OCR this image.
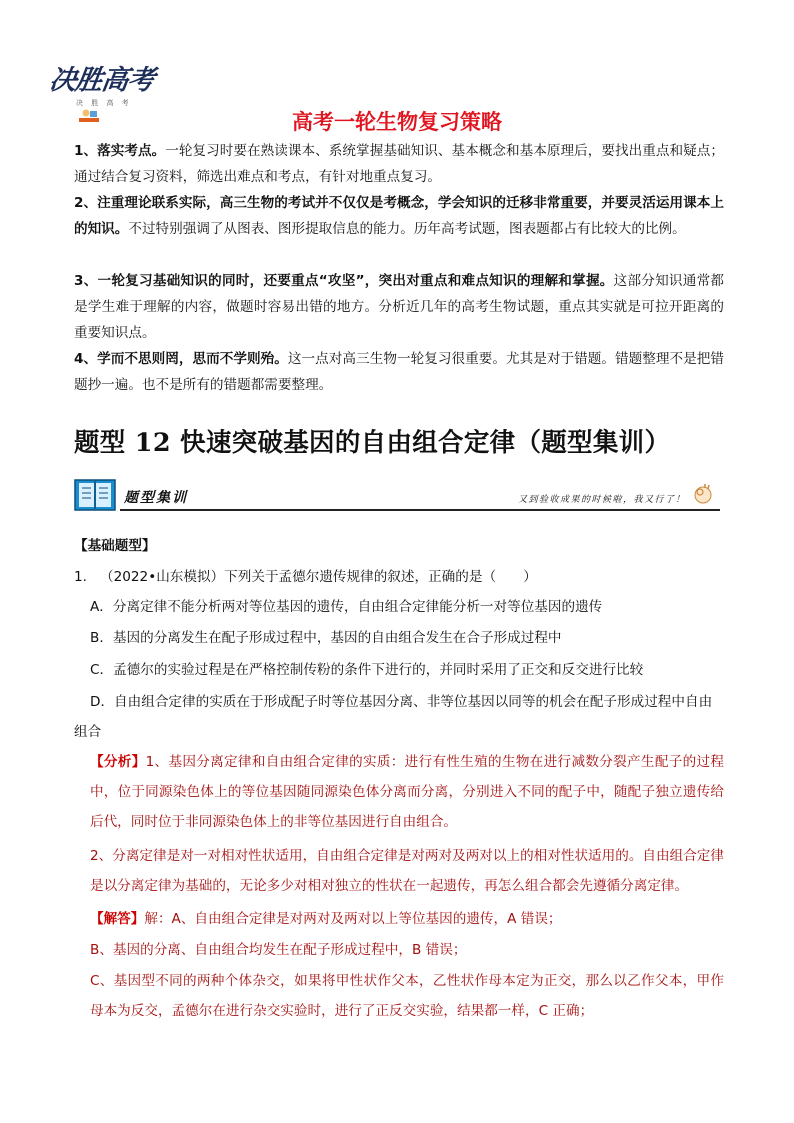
决胜高考
决 胜 高 考
高考一轮生物复习策略
1、落实考点。一轮复习时要在熟读课本、系统掌握基础知识、基本概念和基本原理后，要找出重点和疑点；通过结合复习资料，筛选出难点和考点，有针对地重点复习。
2、注重理论联系实际，高三生物的考试并不仅仅是考概念，学会知识的迁移非常重要，并要灵活运用课本上的知识。不过特别强调了从图表、图形提取信息的能力。历年高考试题，图表题都占有比较大的比例。
3、一轮复习基础知识的同时，还要重点“攻坚”，突出对重点和难点知识的理解和掌握。这部分知识通常都是学生难于理解的内容，做题时容易出错的地方。分析近几年的高考生物试题，重点其实就是可拉开距离的重要知识点。
4、学而不思则罔，思而不学则殆。这一点对高三生物一轮复习很重要。尤其是对于错题。错题整理不是把错题抄一遍。也不是所有的错题都需要整理。
题型 12 快速突破基因的自由组合定律（题型集训）
题型集训	又到验收成果的时候啦，我又行了！
【基础题型】
1. （2022•山东模拟）下列关于孟德尔遗传规律的叙述，正确的是（　　）
A．分离定律不能分析两对等位基因的遗传，自由组合定律能分析一对等位基因的遗传
B．基因的分离发生在配子形成过程中，基因的自由组合发生在合子形成过程中
C．孟德尔的实验过程是在严格控制传粉的条件下进行的，并同时采用了正交和反交进行比较
D．自由组合定律的实质在于形成配子时等位基因分离、非等位基因以同等的机会在配子形成过程中自由组合
【分析】1、基因分离定律和自由组合定律的实质：进行有性生殖的生物在进行减数分裂产生配子的过程中，位于同源染色体上的等位基因随同源染色体分离而分离，分别进入不同的配子中，随配子独立遗传给后代，同时位于非同源染色体上的非等位基因进行自由组合。
2、分离定律是对一对相对性状适用，自由组合定律是对两对及两对以上的相对性状适用的。自由组合定律是以分离定律为基础的，无论多少对相对独立的性状在一起遗传，再怎么组合都会先遵循分离定律。
【解答】解：A、自由组合定律是对两对及两对以上等位基因的遗传，A 错误；
B、基因的分离、自由组合均发生在配子形成过程中，B 错误；
C、基因型不同的两种个体杂交，如果将甲性状作父本，乙性状作母本定为正交，那么以乙作父本，甲作母本为反交，孟德尔在进行杂交实验时，进行了正反交实验，结果都一样，C 正确；
